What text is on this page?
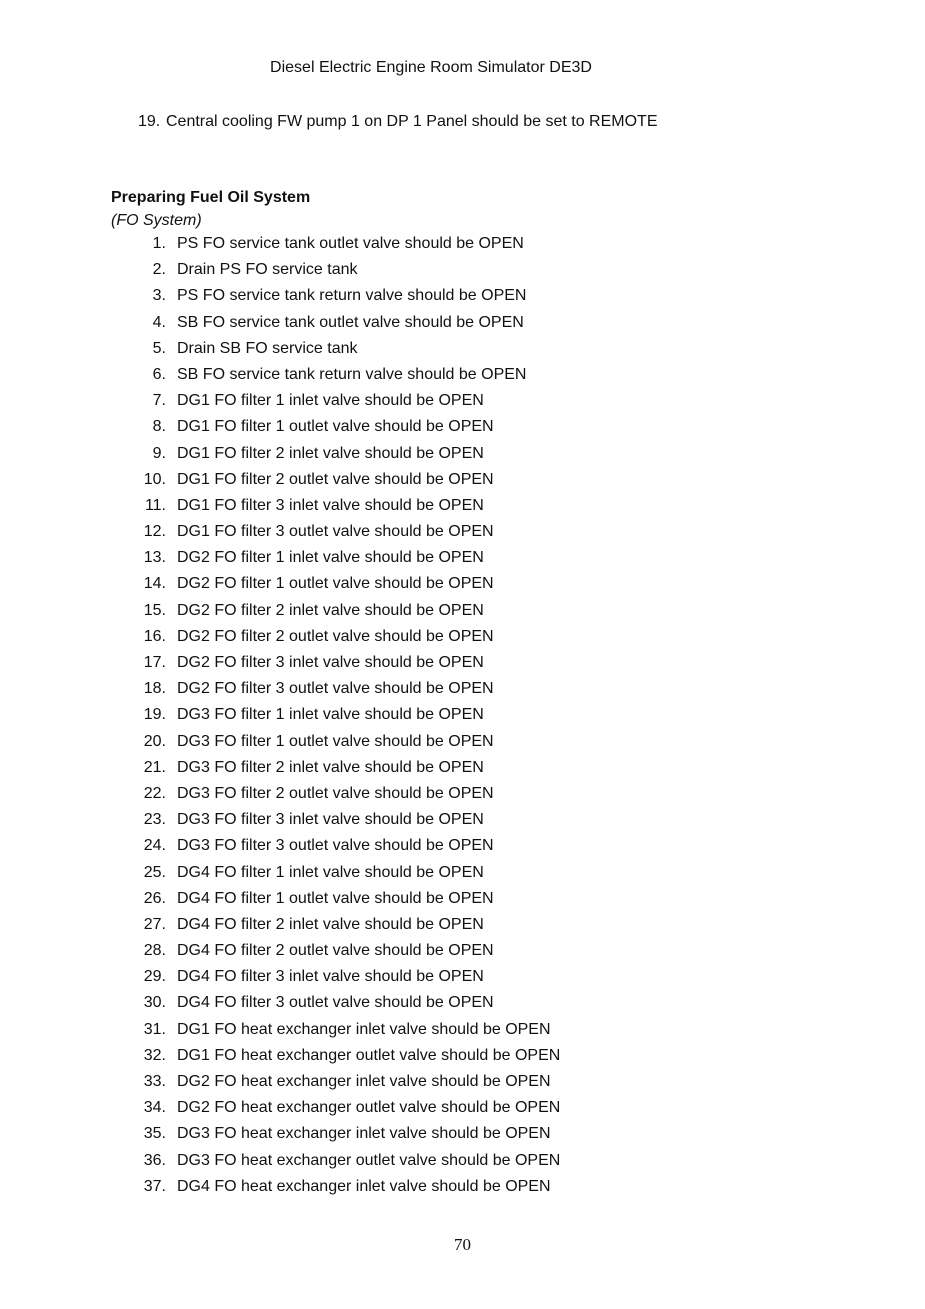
Diesel Electric Engine Room Simulator DE3D
19. Central cooling FW pump 1 on DP 1 Panel should be set to REMOTE
Preparing Fuel Oil System
(FO System)
1. PS FO service tank outlet valve should be OPEN
2. Drain PS FO service tank
3. PS FO service tank return valve should be OPEN
4. SB FO service tank outlet valve should be OPEN
5. Drain SB FO service tank
6. SB FO service tank return valve should be OPEN
7. DG1 FO filter 1 inlet valve should be OPEN
8. DG1 FO filter 1 outlet valve should be OPEN
9. DG1 FO filter 2 inlet valve should be OPEN
10. DG1 FO filter 2 outlet valve should be OPEN
11. DG1 FO filter 3 inlet valve should be OPEN
12. DG1 FO filter 3 outlet valve should be OPEN
13. DG2 FO filter 1 inlet valve should be OPEN
14. DG2 FO filter 1 outlet valve should be OPEN
15. DG2 FO filter 2 inlet valve should be OPEN
16. DG2 FO filter 2 outlet valve should be OPEN
17. DG2 FO filter 3 inlet valve should be OPEN
18. DG2 FO filter 3 outlet valve should be OPEN
19. DG3 FO filter 1 inlet valve should be OPEN
20. DG3 FO filter 1 outlet valve should be OPEN
21. DG3 FO filter 2 inlet valve should be OPEN
22. DG3 FO filter 2 outlet valve should be OPEN
23. DG3 FO filter 3 inlet valve should be OPEN
24. DG3 FO filter 3 outlet valve should be OPEN
25. DG4 FO filter 1 inlet valve should be OPEN
26. DG4 FO filter 1 outlet valve should be OPEN
27. DG4 FO filter 2 inlet valve should be OPEN
28. DG4 FO filter 2 outlet valve should be OPEN
29. DG4 FO filter 3 inlet valve should be OPEN
30. DG4 FO filter 3 outlet valve should be OPEN
31. DG1 FO heat exchanger inlet valve should be OPEN
32. DG1 FO heat exchanger outlet valve should be OPEN
33. DG2 FO heat exchanger inlet valve should be OPEN
34. DG2 FO heat exchanger outlet valve should be OPEN
35. DG3 FO heat exchanger inlet valve should be OPEN
36. DG3 FO heat exchanger outlet valve should be OPEN
37. DG4 FO heat exchanger inlet valve should be OPEN
70
